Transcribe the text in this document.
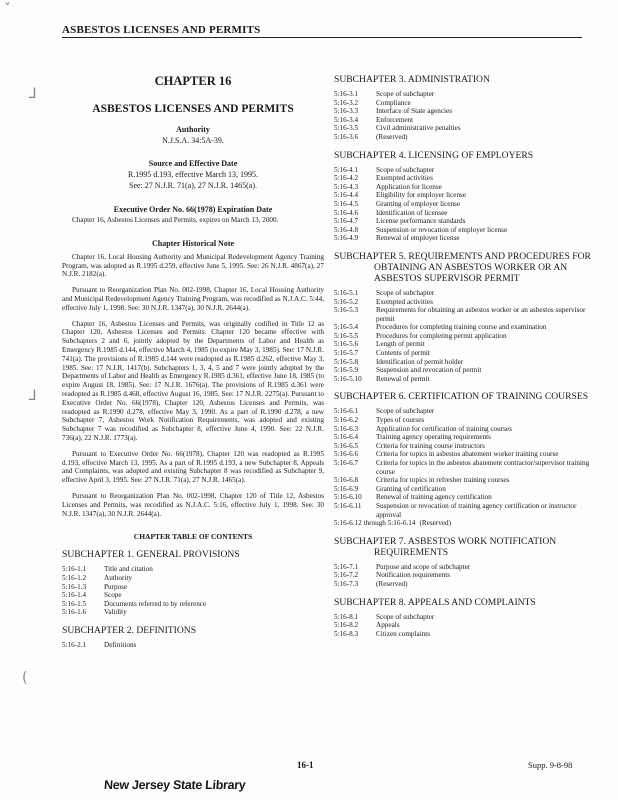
ASBESTOS LICENSES AND PERMITS
ˇ
ᒧ
ᒧ
(
CHAPTER 16
ASBESTOS LICENSES AND PERMITS
Authority
N.J.S.A. 34:5A-39.
Source and Effective Date
R.1995 d.193, effective March 13, 1995.
See: 27 N.J.R. 71(a), 27 N.J.R. 1465(a).
Executive Order No. 66(1978) Expiration Date

Chapter 16, Asbestos Licenses and Permits, expires on March 13, 2000.

Chapter Historical Note

Chapter 16, Local Housing Authority and Municipal Redevelopment Agency Training Program, was adopted as R.1995 d.259, effective June 5, 1995. See: 26 N.J.R. 4867(a), 27 N.J.R. 2182(a).

Pursuant to Reorganization Plan No. 002-1998, Chapter 16, Local Housing Authority and Municipal Redevelopment Agency Training Program, was recodified as N.J.A.C. 5:44, effective July 1, 1998. See: 30 N.J.R. 1347(a), 30 N.J.R. 2644(a).

Chapter 16, Asbestos Licenses and Permits, was originally codified in Title 12 as Chapter 120, Asbestos Licenses and Permits. Chapter 120 became effective with Subchapters 2 and 6, jointly adopted by the Departments of Labor and Health as Emergency R.1985 d.144, effective March 4, 1985 (to expire May 3, 1985). See: 17 N.J.R. 741(a). The provisions of R.1985 d.144 were readopted as R.1985 d.262, effective May 3, 1985. See: 17 N.J.R. 1417(b). Subchapters 1, 3, 4, 5 and 7 were jointly adopted by the Departments of Labor and Health as Emergency R.1985 d.361, effective June 18, 1985 (to expire August 18, 1985). See: 17 N.J.R. 1676(a). The provisions of R.1985 d.361 were readopted as R.1985 d.468, effective August 16, 1985. See: 17 N.J.R. 2275(a). Pursuant to Executive Order No. 66(1978), Chapter 120, Asbestos Licenses and Permits, was readopted as R.1990 d.278, effective May 3, 1990. As a part of R.1990 d.278, a new Subchapter 7, Asbestos Work Notification Requirements, was adopted and existing Subchapter 7 was recodified as Subchapter 8, effective June 4, 1990. See: 22 N.J.R. 736(a), 22 N.J.R. 1773(a).

Pursuant to Executive Order No. 66(1978), Chapter 120 was readopted as R.1995 d.193, effective March 13, 1995. As a part of R.1995 d.193, a new Subchapter 8, Appeals and Complaints, was adopted and existing Subchapter 8 was recodified as Subchapter 9, effective April 3, 1995. See: 27 N.J.R. 71(a), 27 N.J.R. 1465(a).

Pursuant to Reorganization Plan No. 002-1998, Chapter 120 of Title 12, Asbestos Licenses and Permits, was recodified as N.J.A.C. 5:16, effective July 1, 1998. See: 30 N.J.R. 1347(a), 30 N.J.R. 2644(a).

CHAPTER TABLE OF CONTENTS
SUBCHAPTER 1. GENERAL PROVISIONS
5:16-1.1	Title and citation
5:16-1.2	Authority
5:16-1.3	Purpose
5:16-1.4	Scope
5:16-1.5	Documents referred to by reference
5:16-1.6	Validity
SUBCHAPTER 2. DEFINITIONS
5:16-2.1	Definitions
SUBCHAPTER 3. ADMINISTRATION
5:16-3.1	Scope of subchapter
5:16-3.2	Compliance
5:16-3.3	Interface of State agencies
5:16-3.4	Enforcement
5:16-3.5	Civil administrative penalties
5:16-3.6	(Reserved)
SUBCHAPTER 4. LICENSING OF EMPLOYERS
5:16-4.1	Scope of subchapter
5:16-4.2	Exempted activities
5:16-4.3	Application for license
5:16-4.4	Eligibility for employer license
5:16-4.5	Granting of employer license
5:16-4.6	Identification of licensee
5:16-4.7	License performance standards
5:16-4.8	Suspension or revocation of employer license
5:16-4.9	Renewal of employer license
SUBCHAPTER 5. REQUIREMENTS AND PROCEDURES FOR OBTAINING AN ASBESTOS WORKER OR AN ASBESTOS SUPERVISOR PERMIT
5:16-5.1	Scope of subchapter
5:16-5.2	Exempted activities
5:16-5.3	Requirements for obtaining an asbestos worker or an asbestos supervisor permit
5:16-5.4	Procedures for completing training course and examination
5:16-5.5	Procedures for completing permit application
5:16-5.6	Length of permit
5:16-5.7	Contents of permit
5:16-5.8	Identification of permit holder
5:16-5.9	Suspension and revocation of permit
5:16-5.10	Renewal of permit
SUBCHAPTER 6. CERTIFICATION OF TRAINING COURSES
5:16-6.1	Scope of subchapter
5:16-6.2	Types of courses
5:16-6.3	Application for certification of training courses
5:16-6.4	Training agency operating requirements
5:16-6.5	Criteria for training course instructors
5:16-6.6	Criteria for topics in asbestos abatement worker training course
5:16-6.7	Criteria for topics in the asbestos abatement contractor/supervisor training course
5:16-6.8	Criteria for topics in refresher training courses
5:16-6.9	Granting of certification
5:16-6.10	Renewal of training agency certification
5:16-6.11	Suspension or revocation of training agency certification or instructor approval
5:16-6.12 through 5:16-6.14 (Reserved)	
SUBCHAPTER 7. ASBESTOS WORK NOTIFICATION REQUIREMENTS
5:16-7.1	Purpose and scope of subchapter
5:16-7.2	Notification requirements
5:16-7.3	(Reserved)
SUBCHAPTER 8. APPEALS AND COMPLAINTS
5:16-8.1	Scope of subchapter
5:16-8.2	Appeals
5:16-8.3	Citizen complaints
16-1	Supp. 9-8-98
New Jersey State Library
